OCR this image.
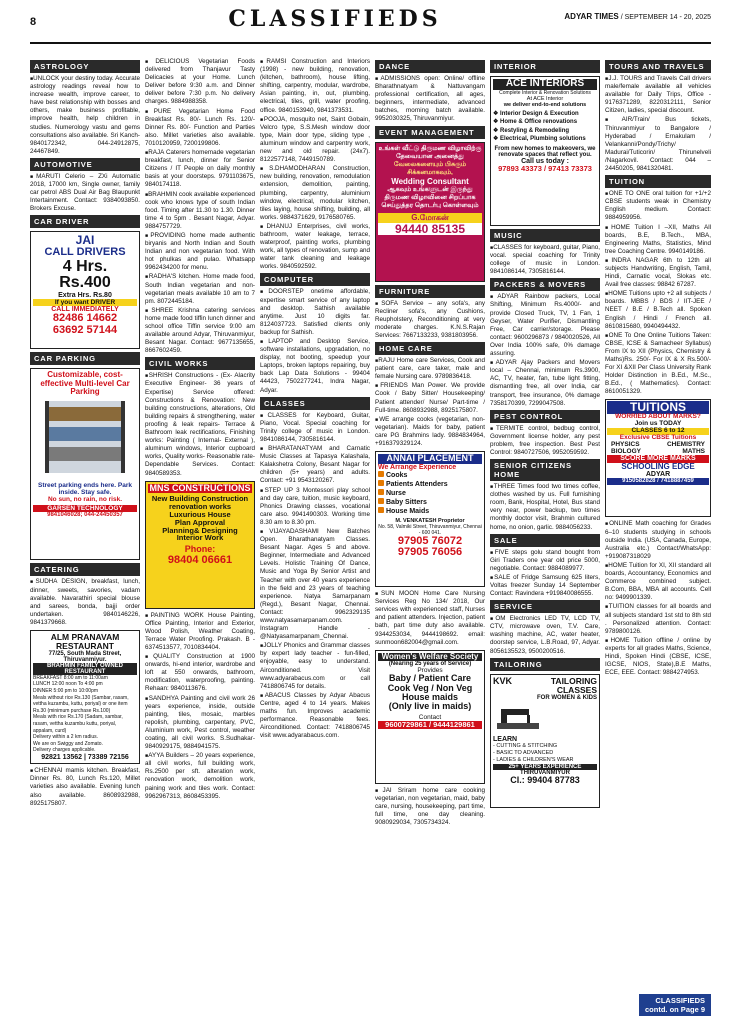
8	CLASSIFIEDS	ADYAR TIMES / SEPTEMBER 14 - 20, 2025
ASTROLOGY

■ UNLOCK your destiny today. Accurate astrology readings reveal how to increase wealth, improve career, to have best relationship with bosses and others, make business profitable, improve health, help children in studies. Numerology vastu and gems consultations also available. Sri Kanch-9840172342, 044-24912875, 24467849.

AUTOMOTIVE

■ MARUTI Celerio – ZXi Automatic 2018, 17000 km, Single owner, family car petrol ABS Dual Air Bag Blaupunkt Intertainment. Contact: 9384093850. Brokers Excuse.

CAR DRIVER
JAI
CALL DRIVERS
4 Hrs.
Rs.400
Extra Hrs. Rs.80
If you want DRIVER
CALL IMMEDIATELY
82486 14662
63692 57144
CAR PARKING
Customizable, cost-effective Multi-level Car Parking
Street parking ends here. Park inside. Stay safe.
No sun, no rain, no risk.
GARSEN TECHNOLOGY
9841046028; 044-24450357
CATERING

■ SUDHA DESIGN, breakfast, lunch, dinner, sweets, savories, vadam available. Navarathiri special blouse and sarees, bonda, bajji order undertaken. 9840146226, 9841379668.

ALM PRANAVAM RESTAURANT
77/25, South Mada Street, Thiruvanmiyur.
BRAHMIN FAMILY OWNED RESTAURANT
BREAKFAST 8:00 am to 11:00am
LUNCH 12:00 noon To 4:00 pm
DINNER 5:00 pm to 10:00pm
Meals without rice Rs.130 (Sambar, rasam, vettha kuzambu, kuttu, poriyal) or one item Rs.30 (minimum purchase Rs.100)
Meals with rice Rs.170 (Sadam, sambar, rasam, vettha kuzambu kuttu, poriyal, appalam, curd)
Delivery within a 2 km radius.
We are on Swiggy and Zomato.
Delivery charges applicable.
92821 13562 | 73389 72156

■ CHENNAI mamis kitchen. Breakfast, Dinner Rs. 80, Lunch Rs.120, Millet varieties also available. Evening lunch also available. 8608932988, 8925175807.

■ DELICIOUS Vegetarian Foods delivered from Thanjavur Tasty Delicacies at your Home. Lunch Deliver before 9:30 a.m. and Dinner deliver before 7:30 p.m. No delivery charges. 9884988358.

■ PURE Vegetarian Home Food Breakfast Rs. 80/- Lunch Rs. 120/- Dinner Rs. 80/- Function and Parties also. Millet varieties also available. 7010120959, 7200199806.

■ RAJA Caterers homemade vegetarian breakfast, lunch, dinner for Senior Citizens / IT People on daily monthly basis at your doorsteps. 9791103675, 9840174118.

■ BRAHMIN cook available experienced cook who knows type of south Indian food. Timing after 11.30 to 1.30. Dinner time 4 to 5pm . Besant Nagar, Adyar. 9884757729.

■ PROVIDING home made authentic biryanis and North Indian and South Indian and non vegetarian food. With hot phulkas and pulao. Whatsapp 9962434200 for menu.

■ RADHA'S kitchen. Home made food, South Indian vegetarian and non-vegetarian meals available 10 am to 7 pm. 8072445184.

■ SHREE Krishna catering services home made food tiffin lunch dinner and school office Tiffin service 9:00 am available around Adyar, Thiruvanmiyur, Besant Nagar. Contact: 9677135655, 8667602459.

CIVIL WORKS

■ SHRISH Constructions - (Ex- Alacrity Executive Engineer- 36 years of Expertise) Service offered: Constructions & Renovation: New building constructions, alterations, Old building repairs & strengthening, water proofing & leak repairs- Terrace & Bathroom leak rectifications, Finishing works: Painting ( Internal- External ), aluminum windows, Interior cupboard works, Quality works- Reasonable rate- Dependable Services. Contact: 9840589353.

MNS CONSTRUCTIONS
New Building Construction
renovation works
Luxurious House
Plan Approval
Planning& Designing
Interior Work
Phone:
98404 06661

■ PAINTING WORK House Painting, Office Painting, Interior and Exterior, Wood Polish, Weather Coating, Terrace Water Proofing. Prakash. B - 6374513577, 7010834404.

■ QUALITY Construction at 1900 onwards, hi-end interior, wardrobe and loft at 550 onwards, bathroom, modification, waterproofing, painting. Rehaan: 9840113676.

■ SANDHYA Painting and civil work 26 years experience, inside, outside painting, tiles, mosaic, marbles repolish, plumbing, carpentary, PVC, Aluminium work, Pest control, weather coating, all civil works. S.Sudhakar- 9840929175, 9884941575.

■ AYYA Builders – 20 years experience, all civil works, full building work, Rs.2500 per sft. alteration work, renovation work, demolition work, paining work and tiles work. Contact: 9962967313, 8608453395.

■ RAMSI Construction and Interiors (1998) - new building, renovation, (kitchen, bathroom), house lifting, shifting, carpentry, modular, wardrobe, Asian painting, in, out, plumbing, electrical, tiles, grill, water proofing, office. 9840153940, 9841373531.

■ POOJA, mosquito net, Saint Gobain, Velcro type, S.S.Mesh window door type, Main door type, sliding type , aluminum window and carpentry work, new and old repair. (24x7). 8122577148, 7449150789.

■ S.DHAMODHARAN Construction, new building, renovation, remodulation extension, demolition, painting, plumbing, carpentry, aluminium window, electrical, modular kitchen, tiles laying, house shifting, building, all works. 9884371629, 9176580765.

■ DHANUJ Enterprises, civil works, bathroom, water leakage, terrace, waterproof, painting works, plumbing work, all types of renovation, sump and water tank cleaning and leakage works. 9840592592.

COMPUTER

■ DOORSTEP onetime affordable, expertise smart service of any laptop and desktop. Sathish available anytime. Just 10 digits far. 8124037723. Satisfied clients only backup for Sathish.

■ LAPTOP and Desktop Service, software installations, upgradation, no display, not booting, speedup your Laptops, broken laptops repairing, buy back Lap Data Solutions - 99404 44423, 7502277241, Indra Nagar, Adyar.

CLASSES

■ CLASSES for Keyboard, Guitar, Piano, Vocal. Special coaching for Trinity college of music in London. 9841086144, 7305816144.

■ BHARATANATYAM and Carnatic Music Classes at Tapasya Kalashala, Kalakshetra Colony, Besant Nagar for children (5+ years) and adults. Contact: +91 9543120267.

■ STEP UP 3 Montessori play school and day care, tuition, music keyboard, Phonics Drawing classes, vocational care also. 9941490303. Working time 8.30 am to 8.30 pm.

■ VIJAYADASHAMI New Batches Open. Bharathanatyam Classes. Besant Nagar. Ages 5 and above. Beginner, Intermediate and Advanced Levels. Holistic Training Of Dance, Music and Yoga By Senior Artist and Teacher with over 40 years experience in the field and 23 years of teaching experience. Natya Samarpanam (Regd.), Besant Nagar, Chennai. Contact: 9962329135 www.natyasamarpanam.com. Instagram Handle - @Natyasamarpanam_Chennai.

■ JOLLY Phonics and Grammar classes by expert lady teacher - fun-filled, enjoyable, easy to understand. Airconditioned. Visit www.adyarabacus.com or call 7418806745 for details.

■ ABACUS Classes by Adyar Abacus Centre, aged 4 to 14 years. Makes maths fun. Improves academic performance. Reasonable fees. Airconditioned. Contact: 7418806745 visit www.adyarabacus.com.

DANCE

■ ADMISSIONS open: Online/ offline Bharathnatyam & Nattuvangam professional certification, all ages, beginners, intermediate, advanced batches, morning batch available. 9952030325, Thiruvanmiyur.

EVENT MANAGEMENT
உங்கள் வீட்டு திருமண விழாவிற்கு தேவையான அனைத்து
வேலைகளையும் பிசுகும் சிக்கனமாகவும்,
Wedding Consultant
ஆகவும் உங்களுடன் இருந்து திருமண விழாவினை சிறப்பாக செய்துத்தர தொடர்பு கொள்ளவும்
G.மோகன்
94440 85135
FURNITURE

■ SOFA Service – any sofa's, any Recliner sofa's, any Cushions, Reupholstery, Reconditioning at very moderate charges. K.N.S.Rajan Services: 7667133233, 9381803956.

HOME CARE

■ RAJU Home care Services, Cook and patient care, care taker, male and female Nursing care. 9789836418.

■ FRIENDS Man Power. We provide Cook / Baby Sitter/ Housekeeping/ Patient attender/ Nurse/ Part-time / Full-time. 8608932988, 8925175807.

■ WE arrange cooks (vegetarian, non-vegetarian). Maids for baby, patient care PG Brahmins lady. 9884834964, +916379329124.

ANNAI PLACEMENT
We Arrange Experience
Cooks
Patients Attenders
Nurse
Baby Sitters
House Maids
M. VENKATESH Proprietor
No. 58, Valmiki Street, Thiruvanmiyur, Chennai - 600 041.
97905 76072
97905 76056

■ SUN MOON Home Care Nursing Services Reg No 134/ 2018, Our services with experienced staff, Nurses and patient attenders. Injection, patient bath, part time duty also available. 9344253034, 9444198692. email: sunmoon682004@gmail.com.

Women's Welfare Society
(Nearing 25 years of Service)
Provides
Baby / Patient Care
Cook Veg / Non Veg
House maids
(Only live in maids)
Contact
9600729861 / 9444129861

■ JAI Sriram home care cooking vegetarian, non vegetarian, maid, baby care, nursing, housekeeping, part time, full time, one day cleaning. 9080929034, 7305734324.

INTERIOR
ACE INTERIORS
Complete Interior & Renovation Solutions
At ACE Interior
we deliver end-to-end solutions
❖ Interior Design & Execution
❖ Home & Office renovations
❖ Restyling & Remodeling
❖ Electrical, Plumbing solutions
From new homes to makeovers, we renovate spaces that reflect you.
Call us today :
97893 43373 / 97413 73373
MUSIC

■ CLASSES for keyboard, guitar, Piano, vocal. special coaching for Trinity college of music in London. 9841086144, 7305816144.

PACKERS & MOVERS

■ ADYAR Rainbow packers, Local Shifting, Minimum Rs.4000/- and provide Closed Truck, TV, 1 Fan, 1 Geyser, Water Purifier, Dismantling Free, Car carrier/storage. Please contact: 9600296873 / 9840020526, All Over India 100% safe, 0% damage assuring.

■ ADYAR Ajay Packers and Movers local – Chennai, minimum Rs.3900, AC, TV, heater, fan, tube light fitting, dismantling free, all over India, car transport, free insurance, 0% damage 7358170399, 7299047508.

PEST CONTROL

■ TERMITE control, bedbug control, Government license holder, any pest problem, free inspection. Best Pest Control: 9840727506, 9952059592.

SENIOR CITIZENS HOME

■ THREE Times food two times coffee, clothes washed by us. Full furnishing room, Bank, Hospital, Hotel, Bus stand very near, power backup, two times monthly doctor visit, Brahmin cultured home, no onion, garlic. 9884056233.

SALE

■ FIVE steps golu stand bought from Giri Traders one year old price 5000, negotiable. Contact: 9884089977.

■ SALE of Fridge Samsung 625 liters, Voltas freezer Sunday 14 September Contact: Ravindera +919840086555.

SERVICE

■ OM Electronics LED TV, LCD TV, CTV, microwave oven, T.V. Care, washing machine, AC, water heater, doorstep service, L.B.Road, 97, Adyar. 8056135523, 9500200516.

TAILORING
KVK	TAILORING CLASSES
FOR WOMEN & KIDS
LEARN
- CUTTING & STITCHING
- BASIC TO ADVANCED
- LADIES & CHILDREN'S WEAR
25+ YEARS EXPERIENCE
THIRUVANMIYUR
Cl.: 99404 87783
TOURS AND TRAVELS

■ J.J. TOURS and Travels Call drivers male/female available all vehicles available for Daily Trips, Office - 9176371289, 8220312111, Senior Citizen, ladies, special discount.

■ AIR/Train/ Bus tickets, Thiruvanmiyur to Bangalore / Hyderabad / Ernakulam / Velankanni/Pondy/Trichy/ Madurai/Tuticorin/ Thirunelveli /Nagarkovil. Contact: 044 – 24450205, 9841320481.

TUITION

■ ONE TO ONE oral tuition for +1/+2 CBSE students weak in Chemistry English medium. Contact: 9884959956.

■ HOME Tuition I –XII, Maths All boards, B.E, B.Tech., MBA, Engineering Maths, Statistics, Mind tree Coaching Centre. 9940149186.

■ INDRA NAGAR 6th to 12th all subjects Handwriting, English, Tamil, Hindi, Carnatic vocal, Slokas etc. Avail free classes: 98842 67287.

■ HOME Tuitions upto +2 all subjects / boards. MBBS / BDS / IIT-JEE / NEET / B.E / B.Tech all. Spoken English / Hindi / French all. 8610815680, 9940494432.

■ ONE To One Online Tuitions Taken: CBSE, ICSE & Samacheer Syllabus) From IX to XII (Physics, Chemistry & Maths)Rs. 250/- For IX & X Rs.500/- For XI &XII Per Class University Rank Holder Distinction in B.Ed., M.Sc., B.Ed., ( Mathematics). Contact: 8610051329.

TUITIONS
WORRIED ABOUT MARKS?
Join us TODAY
CLASSES 6 to 12
Exclusive CBSE Tuitions
PHYSICS	CHEMISTRY
BIOLOGY	MATHS
SCORE MORE MARKS
SCHOOLING EDGE
ADYAR
9150582828 / 7418887459

■ ONLINE Math coaching for Grades 6–10 students studying in schools outside India. (USA, Canada, Europe, Australia etc.) Contact/WhatsApp: +919087318029

■ HOME Tuition for XI, XII standard all boards, Accountancy, Economics and Commerce combined subject. B.Com, BBA, MBA all accounts. Cell no: 9499901339.

■ TUITION classes for all boards and all subjects standard 1st std to 8th std . Personalized attention. Contact: 9789800126.

■ HOME Tuition offline / online by experts for all grades Maths, Science, Hindi, Spoken Hindi (CBSE, ICSE, IGCSE, NIOS, State),B.E Maths, ECE, EEE. Contact: 9884274953.

CLASSIFIEDS
contd. on Page 9
